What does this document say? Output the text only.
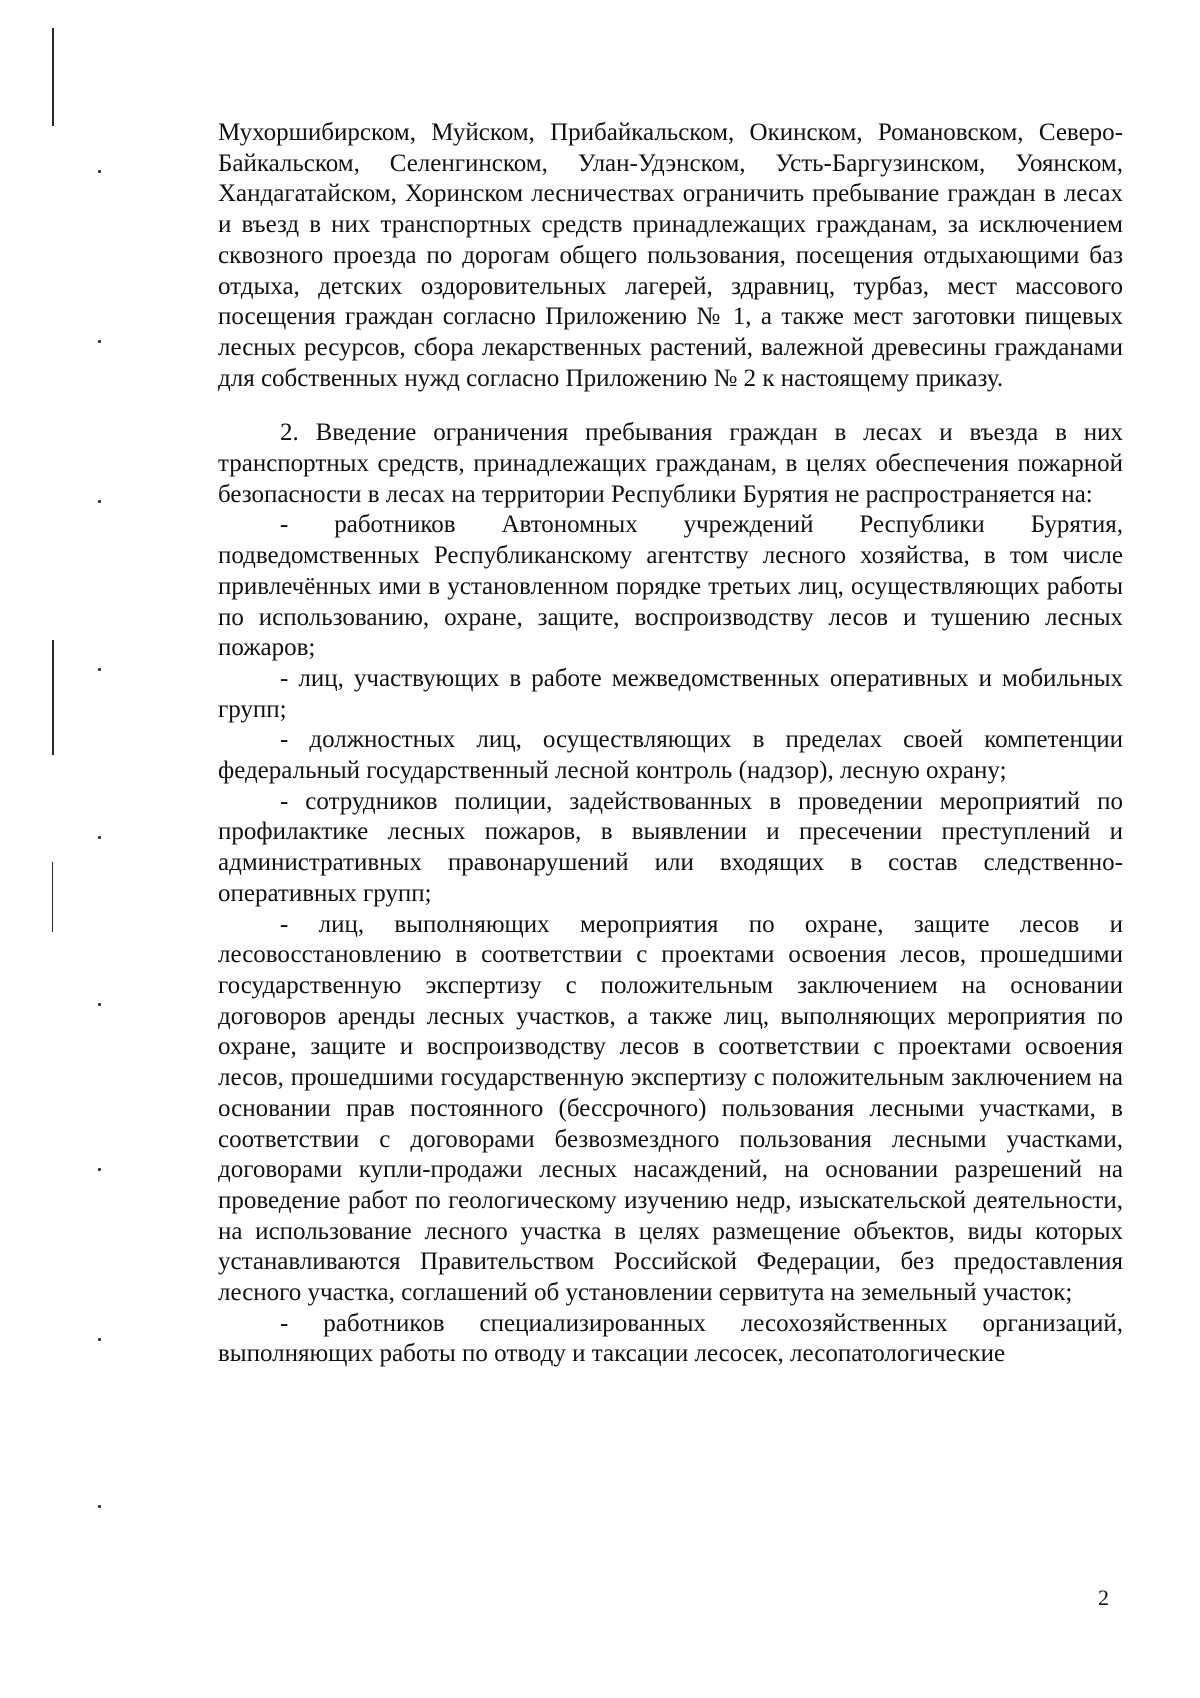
Мухоршибирском, Муйском, Прибайкальском, Окинском, Романовском, Северо-Байкальском, Селенгинском, Улан-Удэнском, Усть-Баргузинском, Уоянском, Хандагатайском, Хоринском лесничествах ограничить пребывание граждан в лесах и въезд в них транспортных средств принадлежащих гражданам, за исключением сквозного проезда по дорогам общего пользования, посещения отдыхающими баз отдыха, детских оздоровительных лагерей, здравниц, турбаз, мест массового посещения граждан согласно Приложению № 1, а также мест заготовки пищевых лесных ресурсов, сбора лекарственных растений, валежной древесины гражданами для собственных нужд согласно Приложению № 2 к настоящему приказу.

2. Введение ограничения пребывания граждан в лесах и въезда в них транспортных средств, принадлежащих гражданам, в целях обеспечения пожарной безопасности в лесах на территории Республики Бурятия не распространяется на:

- работников Автономных учреждений Республики Бурятия, подведомственных Республиканскому агентству лесного хозяйства, в том числе привлечённых ими в установленном порядке третьих лиц, осуществляющих работы по использованию, охране, защите, воспроизводству лесов и тушению лесных пожаров;

- лиц, участвующих в работе межведомственных оперативных и мобильных групп;

- должностных лиц, осуществляющих в пределах своей компетенции федеральный государственный лесной контроль (надзор), лесную охрану;

- сотрудников полиции, задействованных в проведении мероприятий по профилактике лесных пожаров, в выявлении и пресечении преступлений и административных правонарушений или входящих в состав следственно-оперативных групп;

- лиц, выполняющих мероприятия по охране, защите лесов и лесовосстановлению в соответствии с проектами освоения лесов, прошедшими государственную экспертизу с положительным заключением на основании договоров аренды лесных участков, а также лиц, выполняющих мероприятия по охране, защите и воспроизводству лесов в соответствии с проектами освоения лесов, прошедшими государственную экспертизу с положительным заключением на основании прав постоянного (бессрочного) пользования лесными участками, в соответствии с договорами безвозмездного пользования лесными участками, договорами купли-продажи лесных насаждений, на основании разрешений на проведение работ по геологическому изучению недр, изыскательской деятельности, на использование лесного участка в целях размещение объектов, виды которых устанавливаются Правительством Российской Федерации, без предоставления лесного участка, соглашений об установлении сервитута на земельный участок;

- работников специализированных лесохозяйственных организаций, выполняющих работы по отводу и таксации лесосек, лесопатологические

2
